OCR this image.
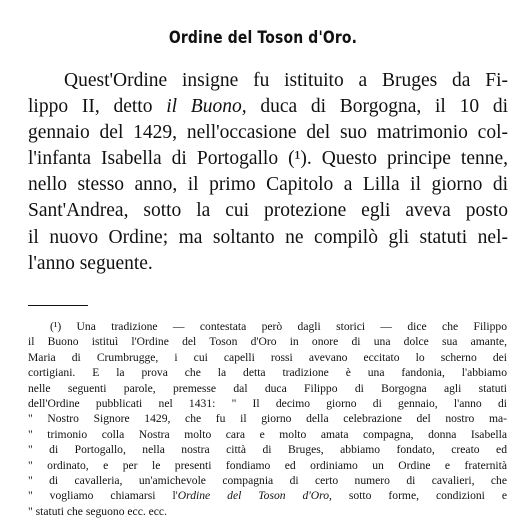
Ordine del Toson d'Oro.
Quest'Ordine insigne fu istituito a Bruges da Fi-
lippo II, detto il Buono, duca di Borgogna, il 10 di
gennaio del 1429, nell'occasione del suo matrimonio col-
l'infanta Isabella di Portogallo (¹). Questo principe tenne,
nello stesso anno, il primo Capitolo a Lilla il giorno di
Sant'Andrea, sotto la cui protezione egli aveva posto
il nuovo Ordine; ma soltanto ne compilò gli statuti nel-
l'anno seguente.
(¹) Una tradizione — contestata però dagli storici — dice che Filippo
il Buono istituì l'Ordine del Toson d'Oro in onore di una dolce sua amante,
Maria di Crumbrugge, i cui capelli rossi avevano eccitato lo scherno dei
cortigiani. E la prova che la detta tradizione è una fandonia, l'abbiamo
nelle seguenti parole, premesse dal duca Filippo di Borgogna agli statuti
dell'Ordine pubblicati nel 1431: " Il decimo giorno di gennaio, l'anno di
" Nostro Signore 1429, che fu il giorno della celebrazione del nostro ma-
" trimonio colla Nostra molto cara e molto amata compagna, donna Isabella
" di Portogallo, nella nostra città di Bruges, abbiamo fondato, creato ed
" ordinato, e per le presenti fondiamo ed ordiniamo un Ordine e fraternità
" di cavalleria, un'amichevole compagnia di certo numero di cavalieri, che
" vogliamo chiamarsi l'Ordine del Toson d'Oro, sotto forme, condizioni e
" statuti che seguono ecc. ecc.
